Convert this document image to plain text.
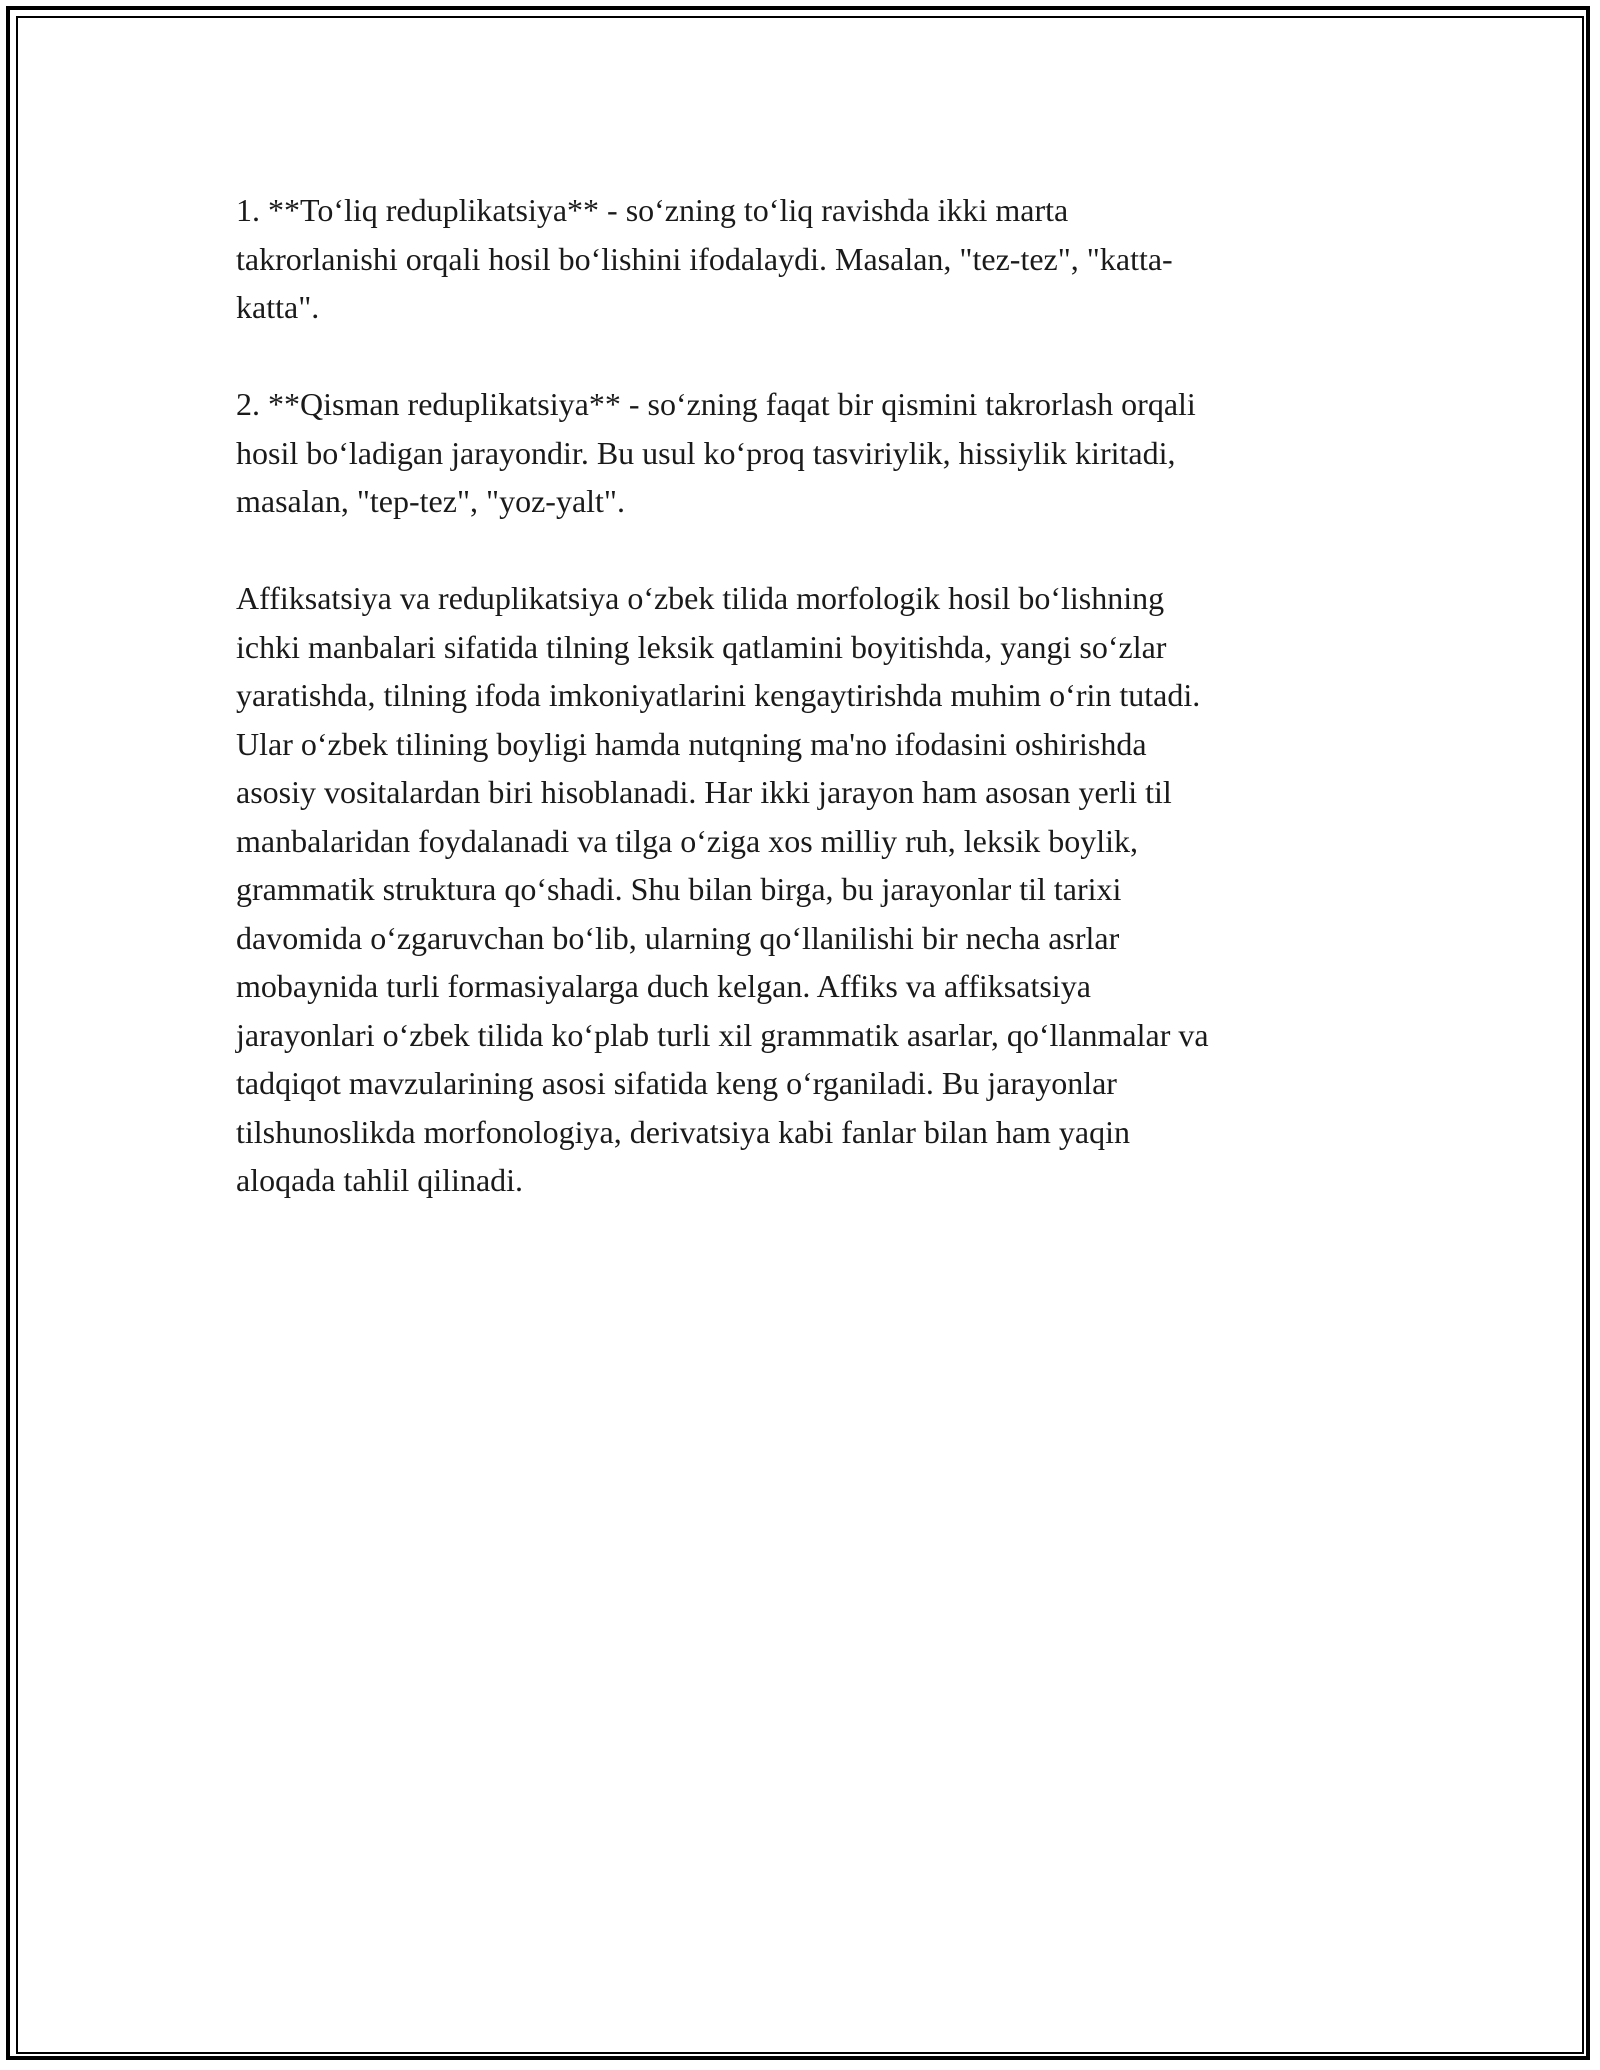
1. **To‘liq reduplikatsiya** - so‘zning to‘liq ravishda ikki marta
takrorlanishi orqali hosil bo‘lishini ifodalaydi. Masalan, "tez-tez", "katta-
katta".

2. **Qisman reduplikatsiya** - so‘zning faqat bir qismini takrorlash orqali
hosil bo‘ladigan jarayondir. Bu usul ko‘proq tasviriylik, hissiylik kiritadi,
masalan, "tep-tez", "yoz-yalt".

Affiksatsiya va reduplikatsiya o‘zbek tilida morfologik hosil bo‘lishning
ichki manbalari sifatida tilning leksik qatlamini boyitishda, yangi so‘zlar
yaratishda, tilning ifoda imkoniyatlarini kengaytirishda muhim o‘rin tutadi.
Ular o‘zbek tilining boyligi hamda nutqning ma'no ifodasini oshirishda
asosiy vositalardan biri hisoblanadi. Har ikki jarayon ham asosan yerli til
manbalaridan foydalanadi va tilga o‘ziga xos milliy ruh, leksik boylik,
grammatik struktura qo‘shadi. Shu bilan birga, bu jarayonlar til tarixi
davomida o‘zgaruvchan bo‘lib, ularning qo‘llanilishi bir necha asrlar
mobaynida turli formasiyalarga duch kelgan. Affiks va affiksatsiya
jarayonlari o‘zbek tilida ko‘plab turli xil grammatik asarlar, qo‘llanmalar va
tadqiqot mavzularining asosi sifatida keng o‘rganiladi. Bu jarayonlar
tilshunoslikda morfonologiya, derivatsiya kabi fanlar bilan ham yaqin
aloqada tahlil qilinadi.
